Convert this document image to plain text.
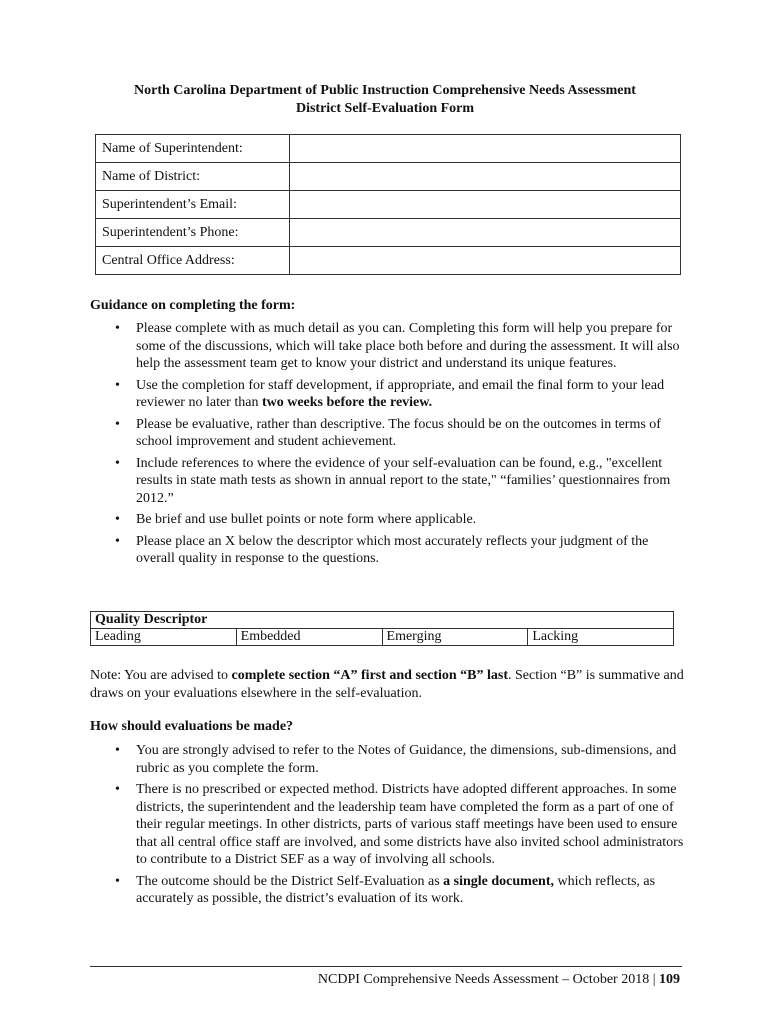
North Carolina Department of Public Instruction Comprehensive Needs Assessment
District Self-Evaluation Form
Name of Superintendent:	
Name of District:	
Superintendent’s Email:	
Superintendent’s Phone:	
Central Office Address:	
Guidance on completing the form:
• Please complete with as much detail as you can. Completing this form will help you prepare for some of the discussions, which will take place both before and during the assessment. It will also help the assessment team get to know your district and understand its unique features.
• Use the completion for staff development, if appropriate, and email the final form to your lead reviewer no later than two weeks before the review.
• Please be evaluative, rather than descriptive. The focus should be on the outcomes in terms of school improvement and student achievement.
• Include references to where the evidence of your self-evaluation can be found, e.g., "excellent results in state math tests as shown in annual report to the state," “families’ questionnaires from 2012.”
• Be brief and use bullet points or note form where applicable.
• Please place an X below the descriptor which most accurately reflects your judgment of the overall quality in response to the questions.
Quality Descriptor
Leading	Embedded	Emerging	Lacking
Note: You are advised to complete section “A” first and section “B” last. Section “B” is summative and draws on your evaluations elsewhere in the self-evaluation.
How should evaluations be made?
• You are strongly advised to refer to the Notes of Guidance, the dimensions, sub-dimensions, and rubric as you complete the form.
• There is no prescribed or expected method. Districts have adopted different approaches. In some districts, the superintendent and the leadership team have completed the form as a part of one of their regular meetings. In other districts, parts of various staff meetings have been used to ensure that all central office staff are involved, and some districts have also invited school administrators to contribute to a District SEF as a way of involving all schools.
• The outcome should be the District Self-Evaluation as a single document, which reflects, as accurately as possible, the district’s evaluation of its work.
NCDPI Comprehensive Needs Assessment – October 2018 | 109
